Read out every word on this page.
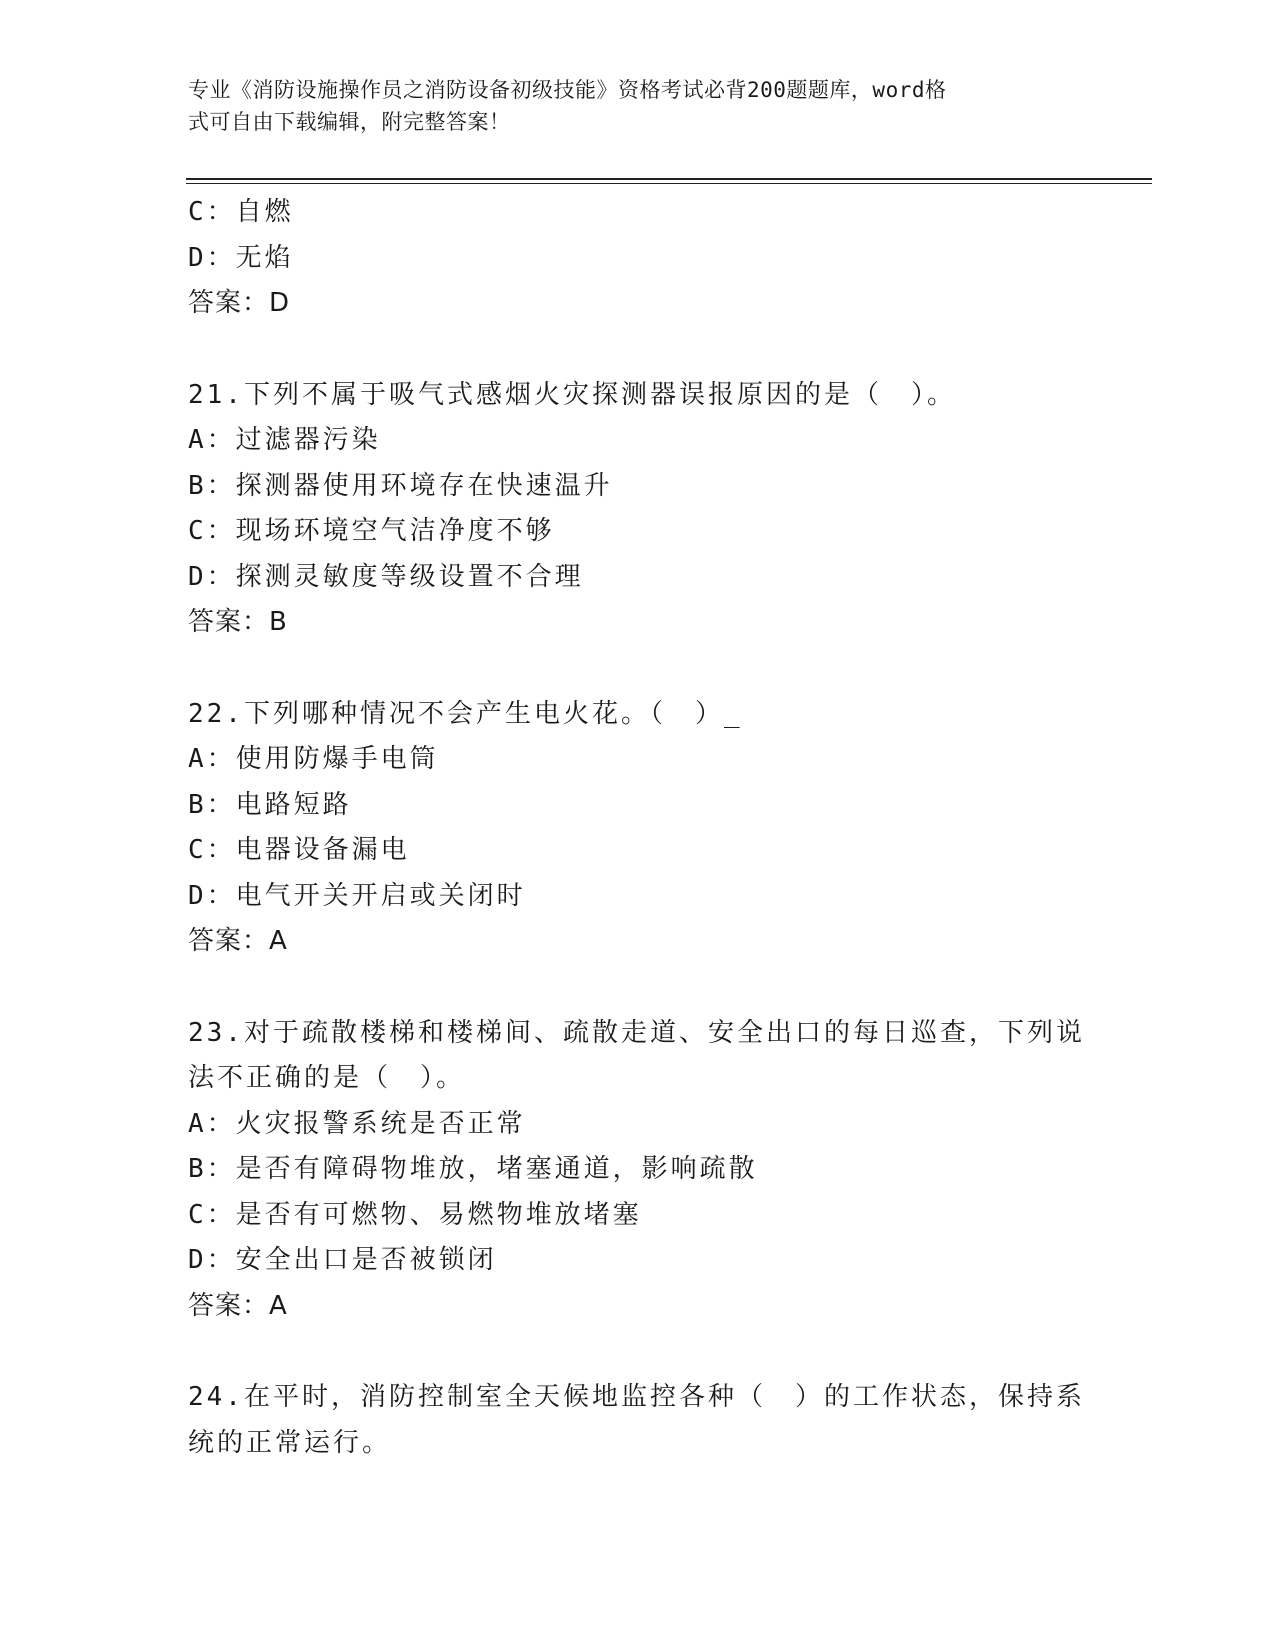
专业《消防设施操作员之消防设备初级技能》资格考试必背200题题库，word格
式可自由下载编辑，附完整答案！
C：自燃
D：无焰
答案：D
21.下列不属于吸气式感烟火灾探测器误报原因的是（　）。
A：过滤器污染
B：探测器使用环境存在快速温升
C：现场环境空气洁净度不够
D：探测灵敏度等级设置不合理
答案：B
22.下列哪种情况不会产生电火花。（　）_
A：使用防爆手电筒
B：电路短路
C：电器设备漏电
D：电气开关开启或关闭时
答案：A
23.对于疏散楼梯和楼梯间、疏散走道、安全出口的每日巡查，下列说
法不正确的是（　）。
A：火灾报警系统是否正常
B：是否有障碍物堆放，堵塞通道，影响疏散
C：是否有可燃物、易燃物堆放堵塞
D：安全出口是否被锁闭
答案：A
24.在平时，消防控制室全天候地监控各种（　）的工作状态，保持系
统的正常运行。
